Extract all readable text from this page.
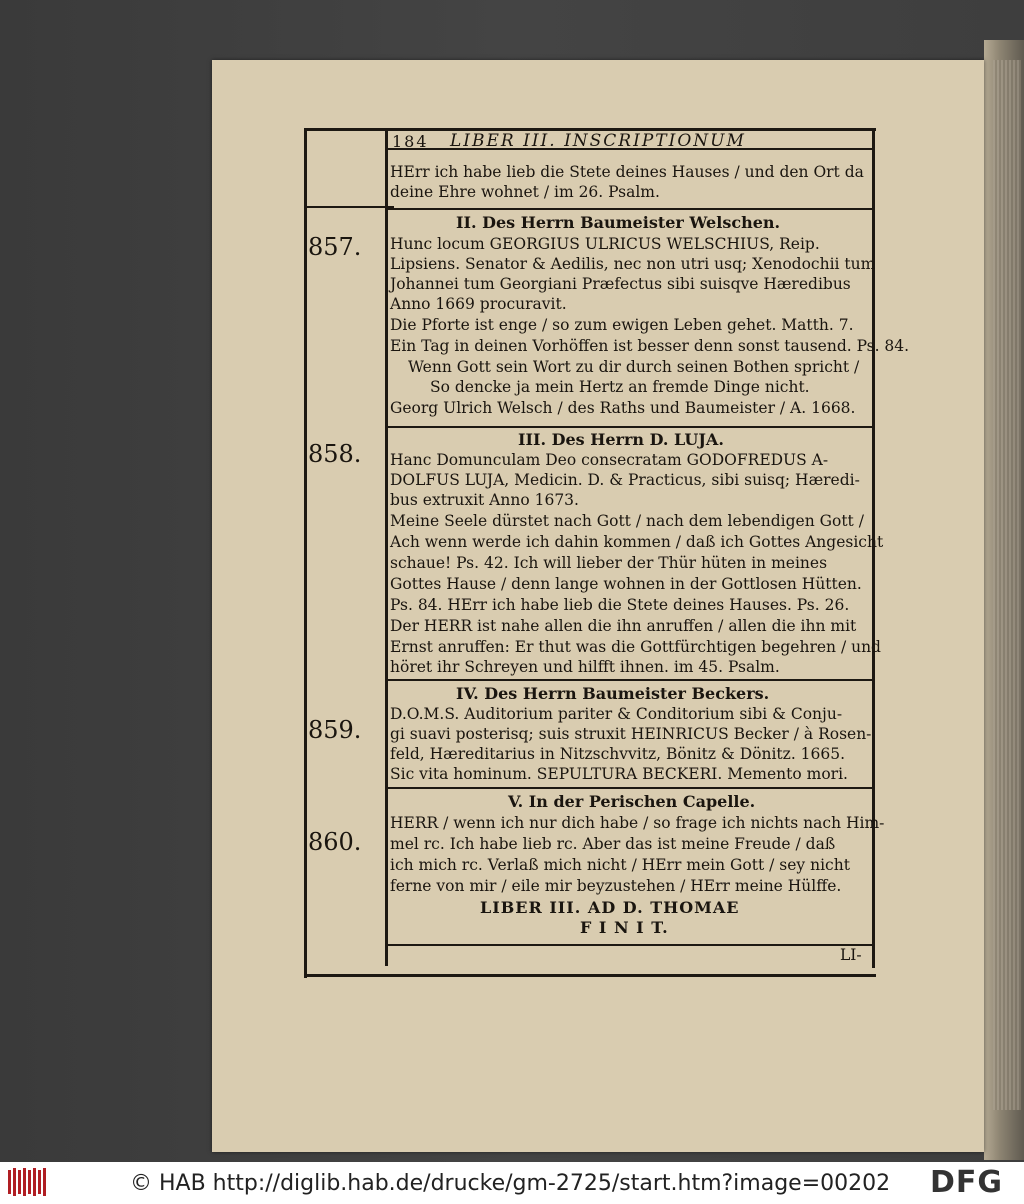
184 LIBER III. INSCRIPTIONUM
HErr ich habe lieb die Stete deines Hauses / und den Ort da
deine Ehre wohnet / im 26. Psalm.
857.
II. Des Herrn Baumeister Welschen.
Hunc locum GEORGIUS ULRICUS WELSCHIUS, Reip.
Lipsiens. Senator & Aedilis, nec non utri usq; Xenodochii tum
Johannei tum Georgiani Præfectus sibi suisqve Hæredibus
Anno 1669 procuravit.
Die Pforte ist enge / so zum ewigen Leben gehet. Matth. 7.
Ein Tag in deinen Vorhöffen ist besser denn sonst tausend. Ps. 84.
Wenn Gott sein Wort zu dir durch seinen Bothen spricht /
So dencke ja mein Hertz an fremde Dinge nicht.
Georg Ulrich Welsch / des Raths und Baumeister / A. 1668.
858.
III. Des Herrn D. LUJA.
Hanc Domunculam Deo consecratam GODOFREDUS A-
DOLFUS LUJA, Medicin. D. & Practicus, sibi suisq; Hæredi-
bus extruxit Anno 1673.
Meine Seele dürstet nach Gott / nach dem lebendigen Gott /
Ach wenn werde ich dahin kommen / daß ich Gottes Angesicht
schaue! Ps. 42. Ich will lieber der Thür hüten in meines
Gottes Hause / denn lange wohnen in der Gottlosen Hütten.
Ps. 84. HErr ich habe lieb die Stete deines Hauses. Ps. 26.
Der HERR ist nahe allen die ihn anruffen / allen die ihn mit
Ernst anruffen: Er thut was die Gottfürchtigen begehren / und
höret ihr Schreyen und hilfft ihnen. im 45. Psalm.
859.
IV. Des Herrn Baumeister Beckers.
D.O.M.S. Auditorium pariter & Conditorium sibi & Conju-
gi suavi posterisq; suis struxit HEINRICUS Becker / à Rosen-
feld, Hæreditarius in Nitzschvvitz, Bönitz & Dönitz. 1665.
Sic vita hominum. SEPULTURA BECKERI. Memento mori.
860.
V. In der Perischen Capelle.
HERR / wenn ich nur dich habe / so frage ich nichts nach Him-
mel rc. Ich habe lieb rc. Aber das ist meine Freude / daß
ich mich rc. Verlaß mich nicht / HErr mein Gott / sey nicht
ferne von mir / eile mir beyzustehen / HErr meine Hülffe.
LIBER III. AD D. THOMAE
F I N I T.
LI-
© HAB http://diglib.hab.de/drucke/gm-2725/start.htm?image=00202 DFG
